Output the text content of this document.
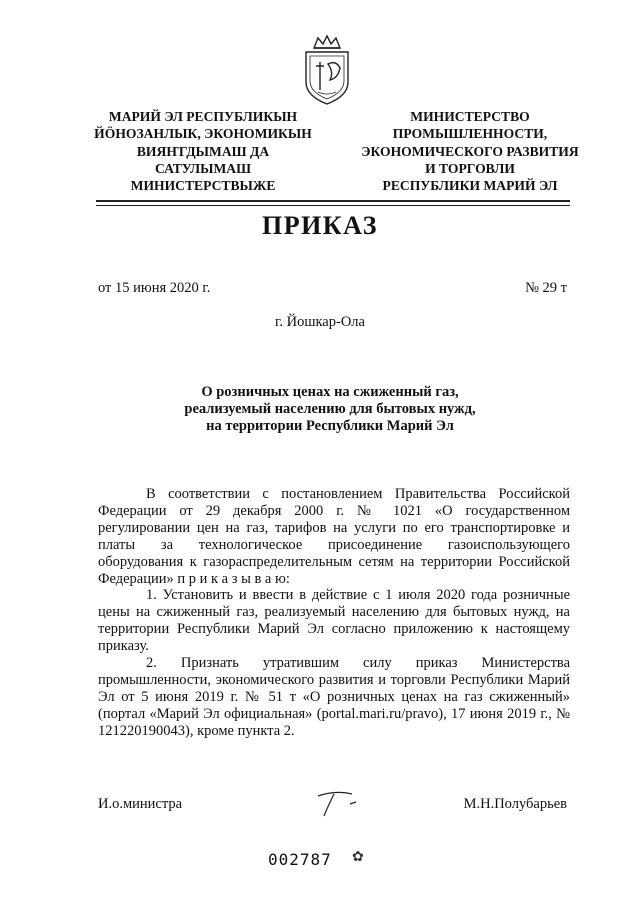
МАРИЙ ЭЛ РЕСПУБЛИКЫН
ЙӦНОЗАНЛЫК, ЭКОНОМИКЫН
ВИЯҤГДЫМАШ ДА
САТУЛЫМАШ
МИНИСТЕРСТВЫЖЕ
МИНИСТЕРСТВО
ПРОМЫШЛЕННОСТИ,
ЭКОНОМИЧЕСКОГО РАЗВИТИЯ
И ТОРГОВЛИ
РЕСПУБЛИКИ МАРИЙ ЭЛ
ПРИКАЗ
от 15 июня 2020 г.	№ 29 т
г. Йошкар-Ола
О розничных ценах на сжиженный газ,
реализуемый населению для бытовых нужд,
на территории Республики Марий Эл

В соответствии с постановлением Правительства Российской Федерации от 29 декабря 2000 г. № 1021 «О государственном регулировании цен на газ, тарифов на услуги по его транспортировке и платы за технологическое присоединение газоиспользующего оборудования к газораспределительным сетям на территории Российской Федерации» п р и к а з ы в а ю:

1. Установить и ввести в действие с 1 июля 2020 года розничные цены на сжиженный газ, реализуемый населению для бытовых нужд, на территории Республики Марий Эл согласно приложению к настоящему приказу.

2. Признать утратившим силу приказ Министерства промышленности, экономического развития и торговли Республики Марий Эл от 5 июня 2019 г. № 51 т «О розничных ценах на газ сжиженный» (портал «Марий Эл официальная» (portal.mari.ru/pravo), 17 июня 2019 г., № 121220190043), кроме пункта 2.

И.о.министра	М.Н.Полубарьев
002787 ✿
